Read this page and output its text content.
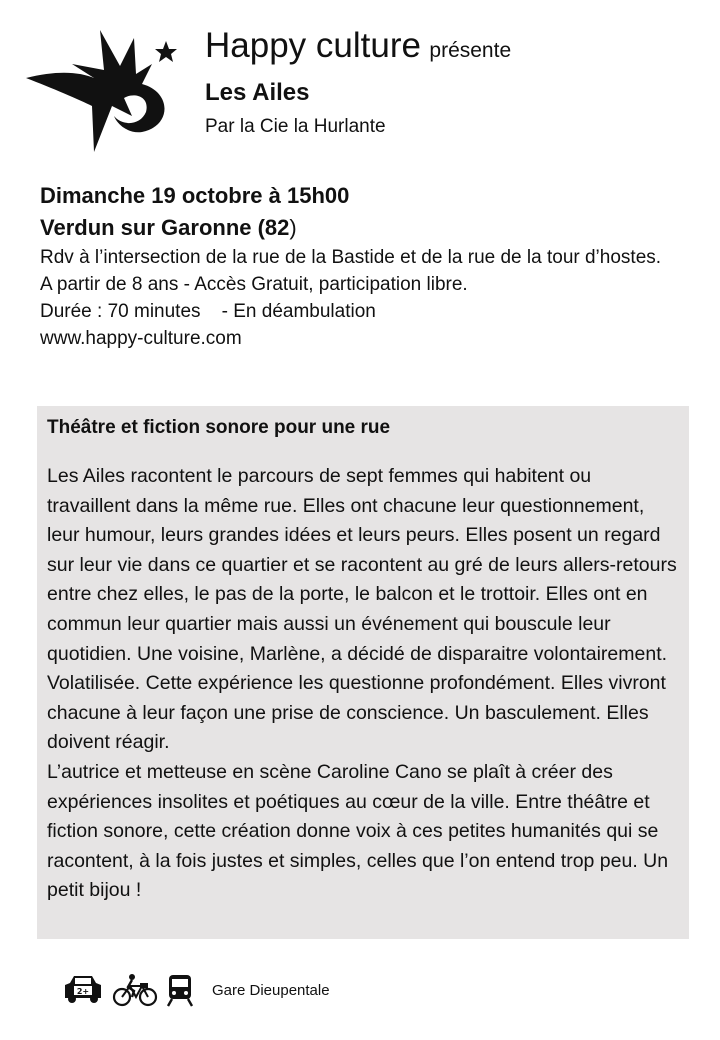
Happy culture présente
Les Ailes
Par la Cie la Hurlante
Dimanche 19 octobre à 15h00
Verdun sur Garonne (82)
Rdv à l’intersection de la rue de la Bastide et de la rue de la tour d’hostes.
A partir de 8 ans - Accès Gratuit, participation libre.
Durée : 70 minutes    - En déambulation
www.happy-culture.com
Théâtre et fiction sonore pour une rue

Les Ailes racontent le parcours de sept femmes qui habitent ou travaillent dans la même rue. Elles ont chacune leur questionnement, leur humour, leurs grandes idées et leurs peurs. Elles posent un regard sur leur vie dans ce quartier et se racontent au gré de leurs allers-retours entre chez elles, le pas de la porte, le balcon et le trottoir. Elles ont en commun leur quartier mais aussi un événement qui bouscule leur quotidien. Une voisine, Marlène, a décidé de disparaitre volontairement. Volatilisée. Cette expérience les questionne profondément. Elles vivront chacune à leur façon une prise de conscience. Un basculement. Elles doivent réagir.

L’autrice et metteuse en scène Caroline Cano se plaît à créer des expériences insolites et poétiques au cœur de la ville. Entre théâtre et fiction sonore, cette création donne voix à ces petites humanités qui se racontent, à la fois justes et simples, celles que l’on entend trop peu. Un petit bijou !

2+	Gare Dieupentale
